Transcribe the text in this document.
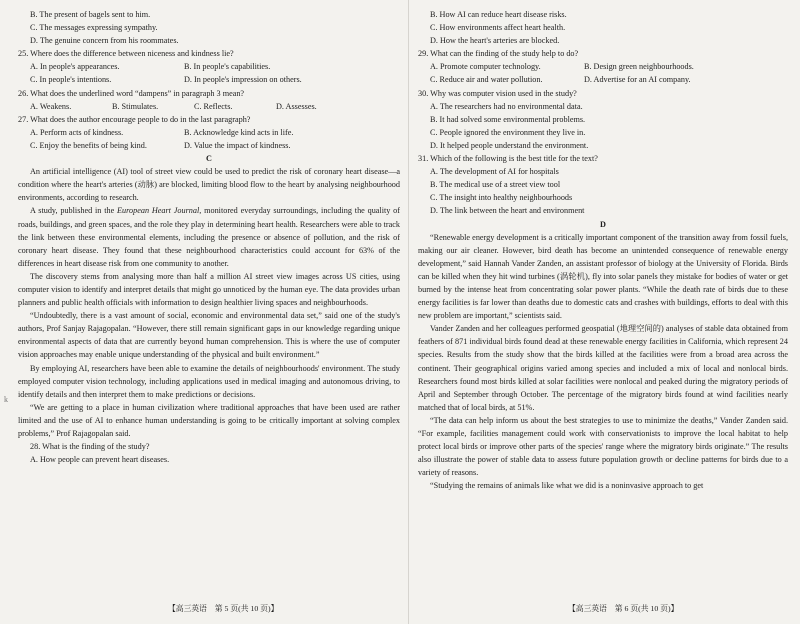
k
B. The present of bagels sent to him.
C. The messages expressing sympathy.
D. The genuine concern from his roommates.
25. Where does the difference between niceness and kindness lie?
A. In people's appearances.	B. In people's capabilities.
C. In people's intentions.	D. In people's impression on others.
26. What does the underlined word “dampens” in paragraph 3 mean?
A. Weakens.	B. Stimulates.	C. Reflects.	D. Assesses.
27. What does the author encourage people to do in the last paragraph?
A. Perform acts of kindness.	B. Acknowledge kind acts in life.
C. Enjoy the benefits of being kind.	D. Value the impact of kindness.
C

An artificial intelligence (AI) tool of street view could be used to predict the risk of coronary heart disease—a condition where the heart's arteries (动脉) are blocked, limiting blood flow to the heart by analysing neighbourhood environments, according to research.

A study, published in the European Heart Journal, monitored everyday surroundings, including the quality of roads, buildings, and green spaces, and the role they play in determining heart health. Researchers were able to track the link between these environmental elements, including the presence or absence of pollution, and the risk of coronary heart disease. They found that these neighbourhood characteristics could account for 63% of the differences in heart disease risk from one community to another.

The discovery stems from analysing more than half a million AI street view images across US cities, using computer vision to identify and interpret details that might go unnoticed by the human eye. The data provides urban planners and public health officials with information to design healthier living spaces and neighbourhoods.

“Undoubtedly, there is a vast amount of social, economic and environmental data set,” said one of the study's authors, Prof Sanjay Rajagopalan. “However, there still remain significant gaps in our knowledge regarding unique environmental aspects of data that are currently beyond human comprehension. This is where the use of computer vision approaches may enable unique understanding of the physical and built environment.”

By employing AI, researchers have been able to examine the details of neighbourhoods' environment. The study employed computer vision technology, including applications used in medical imaging and autonomous driving, to identify details and then interpret them to make predictions or decisions.

“We are getting to a place in human civilization where traditional approaches that have been used are rather limited and the use of AI to enhance human understanding is going to be critically important at solving complex problems,” Prof Rajagopalan said.

28. What is the finding of the study?
A. How people can prevent heart diseases.
B. How AI can reduce heart disease risks.
C. How environments affect heart health.
D. How the heart's arteries are blocked.
29. What can the finding of the study help to do?
A. Promote computer technology.	B. Design green neighbourhoods.
C. Reduce air and water pollution.	D. Advertise for an AI company.
30. Why was computer vision used in the study?
A. The researchers had no environmental data.
B. It had solved some environmental problems.
C. People ignored the environment they live in.
D. It helped people understand the environment.
31. Which of the following is the best title for the text?
A. The development of AI for hospitals
B. The medical use of a street view tool
C. The insight into healthy neighbourhoods
D. The link between the heart and environment
D

“Renewable energy development is a critically important component of the transition away from fossil fuels, making our air cleaner. However, bird death has become an unintended consequence of renewable energy development,” said Hannah Vander Zanden, an assistant professor of biology at the University of Florida. Birds can be killed when they hit wind turbines (涡轮机), fly into solar panels they mistake for bodies of water or get burned by the intense heat from concentrating solar power plants. “While the death rate of birds due to these energy facilities is far lower than deaths due to domestic cats and crashes with buildings, efforts to deal with this new problem are important,” scientists said.

Vander Zanden and her colleagues performed geospatial (地理空间的) analyses of stable data obtained from feathers of 871 individual birds found dead at these renewable energy facilities in California, which represent 24 species. Results from the study show that the birds killed at the facilities were from a broad area across the continent. Their geographical origins varied among species and included a mix of local and nonlocal birds. Researchers found most birds killed at solar facilities were nonlocal and peaked during the migratory periods of April and September through October. The percentage of the migratory birds found at wind facilities nearly matched that of local birds, at 51%.

“The data can help inform us about the best strategies to use to minimize the deaths,” Vander Zanden said. “For example, facilities management could work with conservationists to improve the local habitat to help protect local birds or improve other parts of the species' range where the migratory birds originate.” The results also illustrate the power of stable data to assess future population growth or decline patterns for birds due to a variety of reasons.

“Studying the remains of animals like what we did is a noninvasive approach to get

【高三英语　第 5 页(共 10 页)】	【高三英语　第 6 页(共 10 页)】
